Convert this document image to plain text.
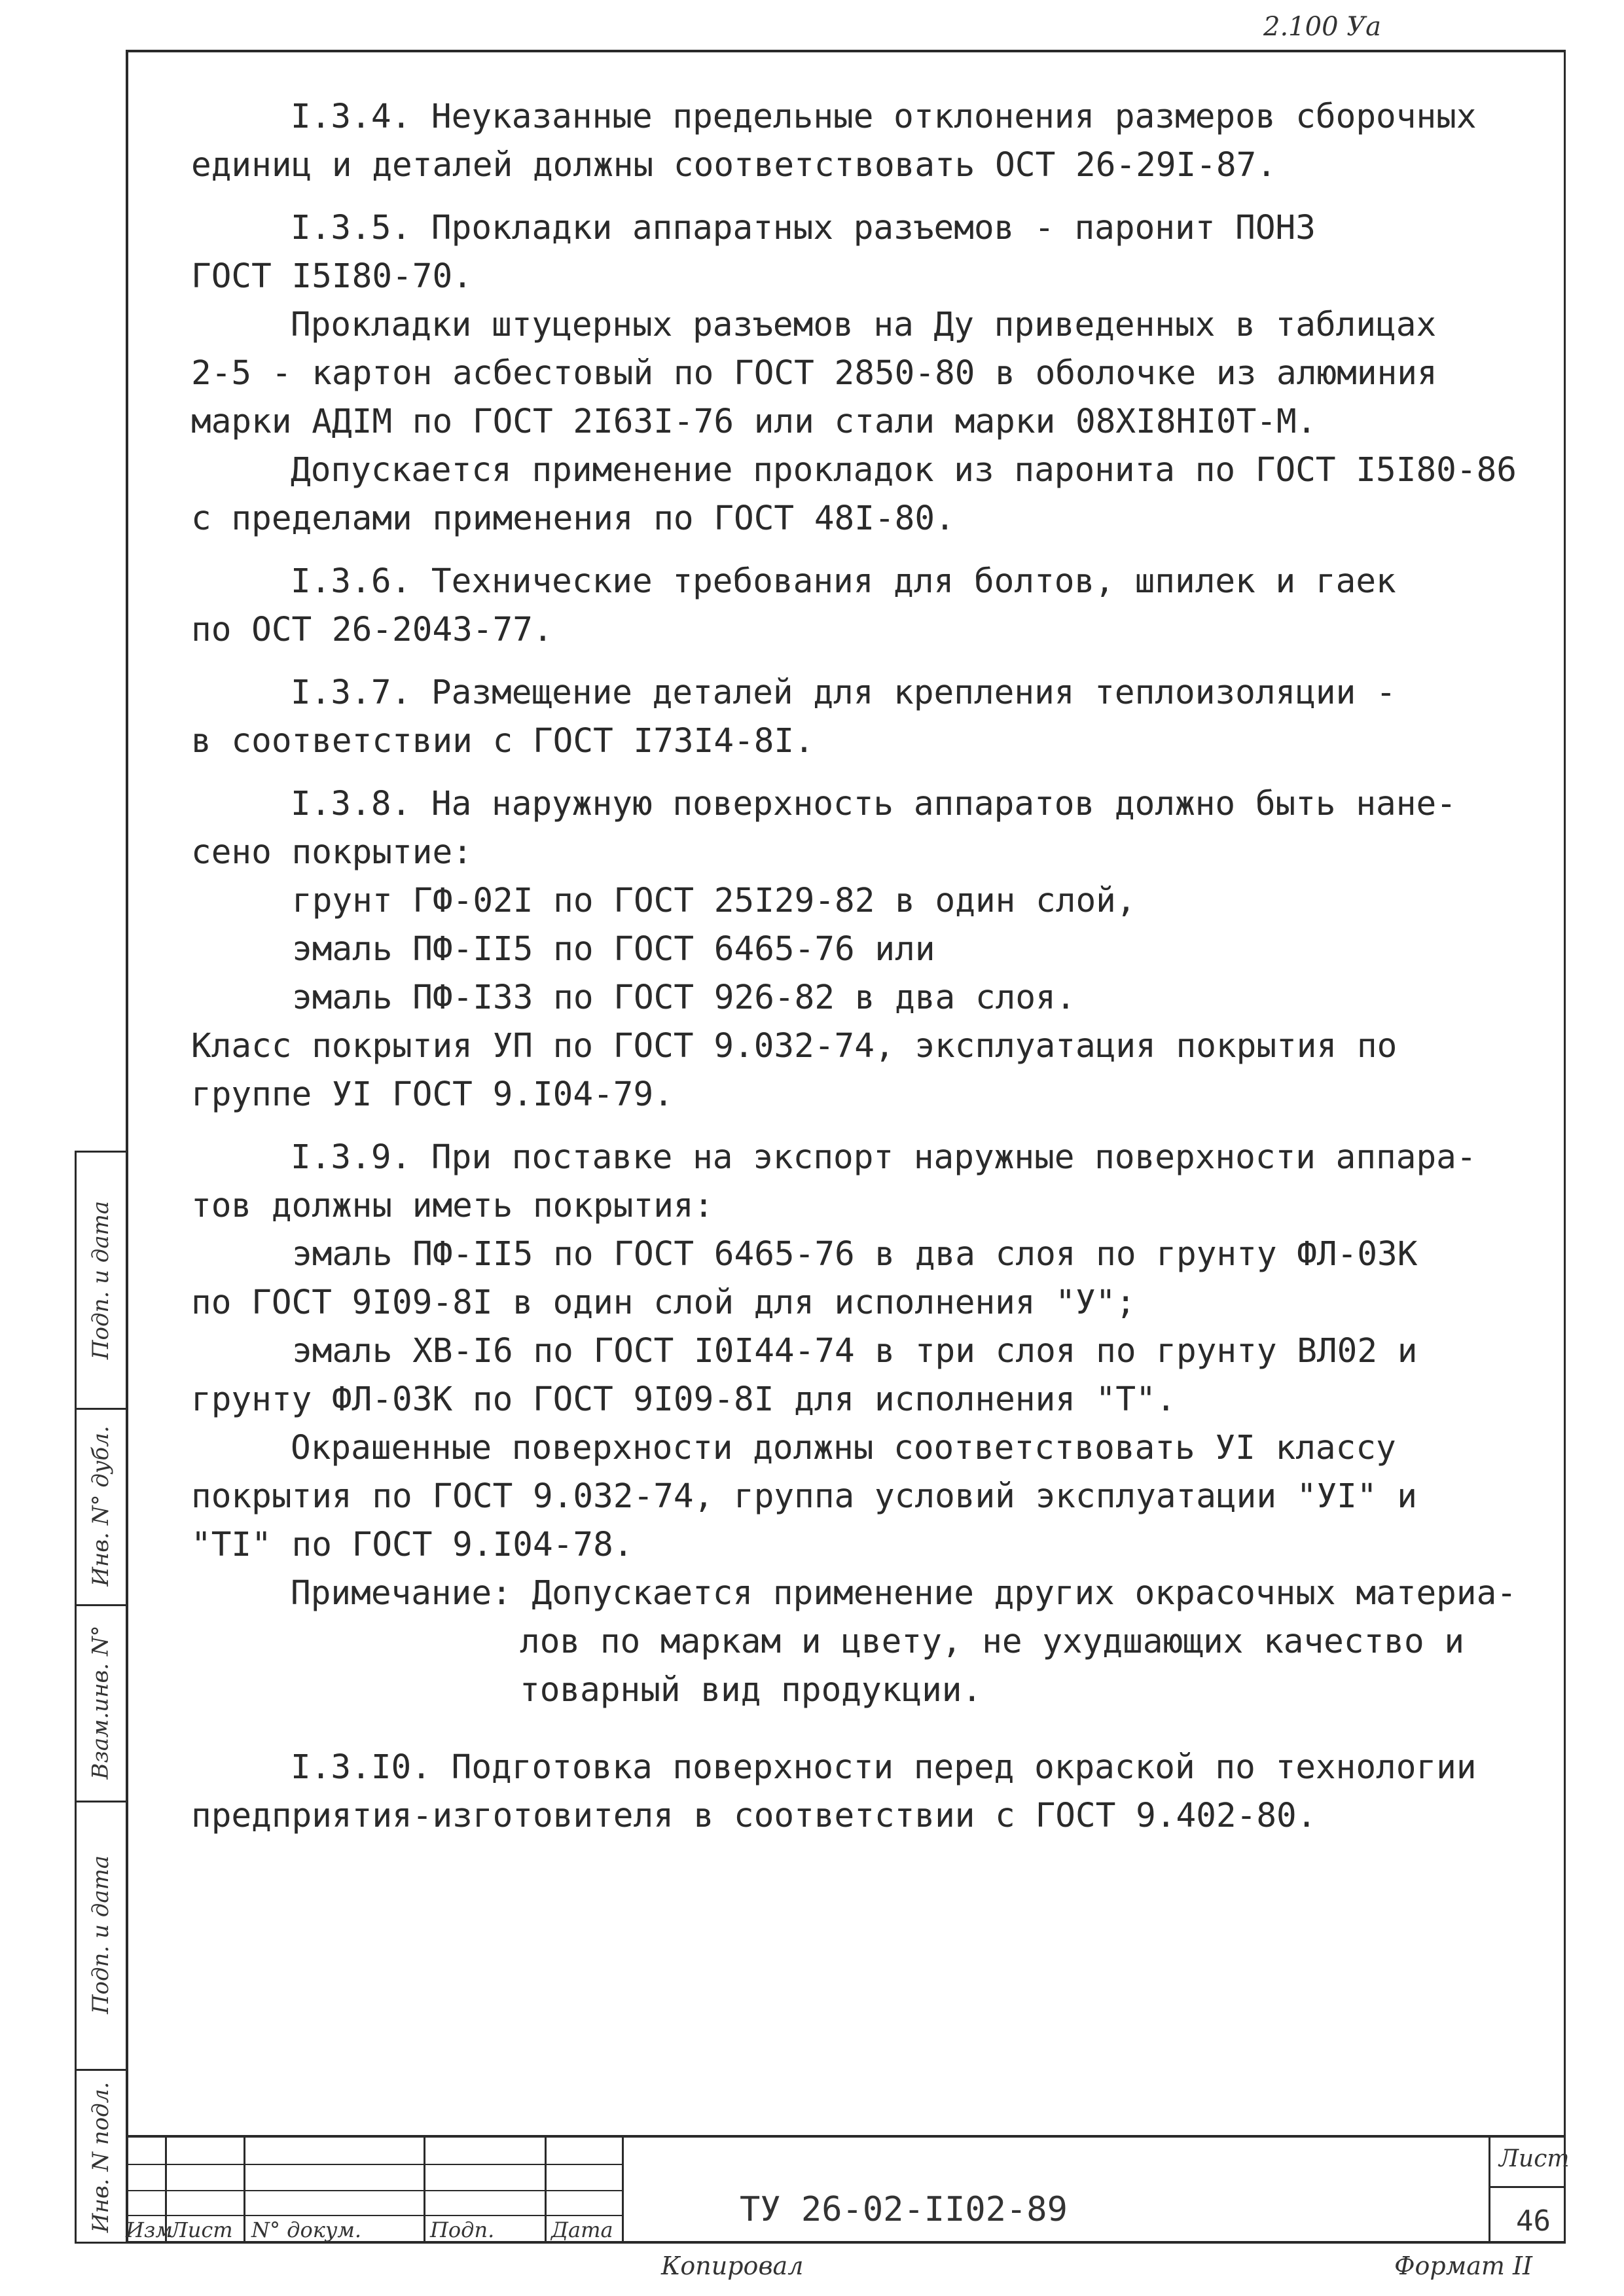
2.100 Уа
I.3.4. Неуказанные предельные отклонения размеров сборочных
единиц и деталей должны соответствовать ОСТ 26-29I-87.
I.3.5. Прокладки аппаратных разъемов - паронит ПОН3
ГОСТ I5I80-70.
Прокладки штуцерных разъемов на Ду приведенных в таблицах
2-5 - картон асбестовый по ГОСТ 2850-80 в оболочке из алюминия
марки АДIМ по ГОСТ 2I63I-76 или стали марки 08XI8HI0T-M.
Допускается применение прокладок из паронита по ГОСТ I5I80-86
с пределами применения по ГОСТ 48I-80.
I.3.6. Технические требования для болтов, шпилек и гаек
по ОСТ 26-2043-77.
I.3.7. Размещение деталей для крепления теплоизоляции -
в соответствии с ГОСТ I73I4-8I.
I.3.8. На наружную поверхность аппаратов должно быть нане-
сено покрытие:
грунт ГФ-02I по ГОСТ 25I29-82 в один слой,
эмаль ПФ-II5 по ГОСТ 6465-76 или
эмаль ПФ-I33 по ГОСТ 926-82 в два слоя.
Класс покрытия УП по ГОСТ 9.032-74, эксплуатация покрытия по
группе УI ГОСТ 9.I04-79.
I.3.9. При поставке на экспорт наружные поверхности аппара-
тов должны иметь покрытия:
эмаль ПФ-II5 по ГОСТ 6465-76 в два слоя по грунту ФЛ-03К
по ГОСТ 9I09-8I в один слой для исполнения "У";
эмаль ХВ-I6 по ГОСТ I0I44-74 в три слоя по грунту ВЛ02 и
грунту ФЛ-03К по ГОСТ 9I09-8I для исполнения "Т".
Окрашенные поверхности должны соответствовать УI классу
покрытия по ГОСТ 9.032-74, группа условий эксплуатации "УI" и
"TI" по ГОСТ 9.I04-78.
Примечание: Допускается применение других окрасочных материа-
лов по маркам и цвету, не ухудшающих качество и
товарный вид продукции.
I.3.I0. Подготовка поверхности перед окраской по технологии
предприятия-изготовителя в соответствии с ГОСТ 9.402-80.
Подп. и дата
Инв. N° дубл.
Взам.инв. N°
Подп. и дата
Инв. N подл. Изм
Лист N° докум.	Подп.	Дата
ТУ 26-02-II02-89
Лист
46
Копировал	Формат II
